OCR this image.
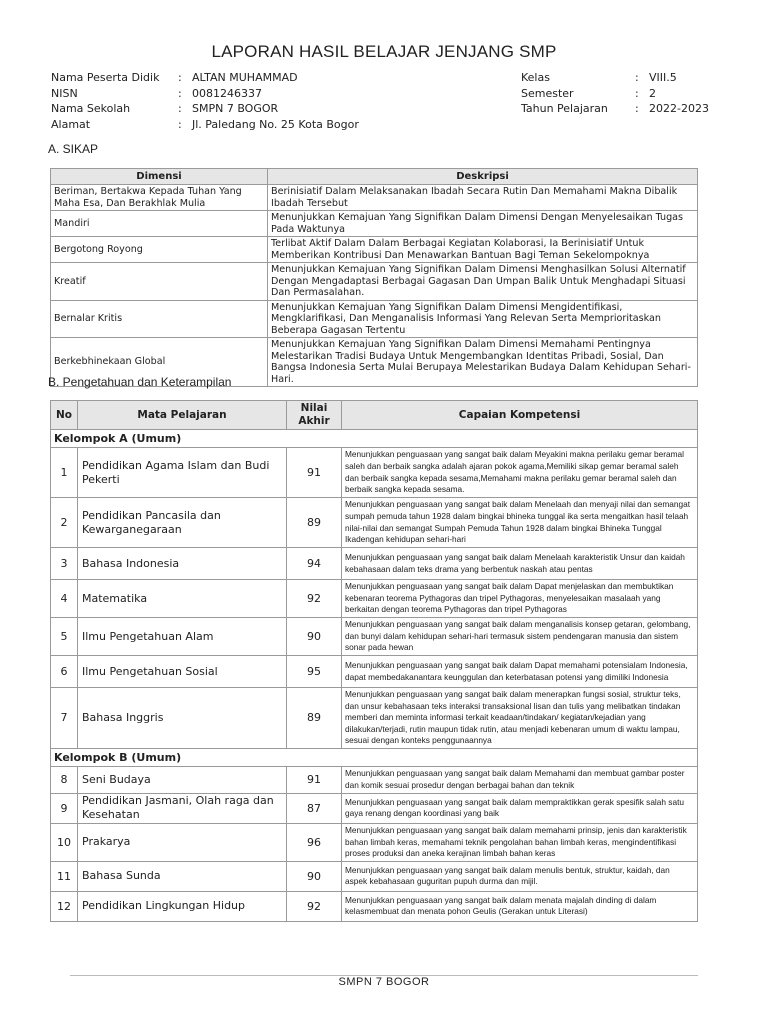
LAPORAN HASIL BELAJAR JENJANG SMP
Nama Peserta Didik	: ALTAN MUHAMMAD
NISN	: 0081246337
Nama Sekolah	: SMPN 7 BOGOR
Alamat	: Jl. Paledang No. 25 Kota Bogor
Kelas	: VIII.5
Semester	: 2
Tahun Pelajaran	: 2022-2023
A. SIKAP
Dimensi	Deskripsi
Beriman, Bertakwa Kepada Tuhan Yang Maha Esa, Dan Berakhlak Mulia	Berinisiatif Dalam Melaksanakan Ibadah Secara Rutin Dan Memahami Makna Dibalik Ibadah Tersebut
Mandiri	Menunjukkan Kemajuan Yang Signifikan Dalam Dimensi Dengan Menyelesaikan Tugas Pada Waktunya
Bergotong Royong	Terlibat Aktif Dalam Dalam Berbagai Kegiatan Kolaborasi, Ia Berinisiatif Untuk Memberikan Kontribusi Dan Menawarkan Bantuan Bagi Teman Sekelompoknya
Kreatif	Menunjukkan Kemajuan Yang Signifikan Dalam Dimensi Menghasilkan Solusi Alternatif Dengan Mengadaptasi Berbagai Gagasan Dan Umpan Balik Untuk Menghadapi Situasi Dan Permasalahan.
Bernalar Kritis	Menunjukkan Kemajuan Yang Signifikan Dalam Dimensi Mengidentifikasi, Mengklarifikasi, Dan Menganalisis Informasi Yang Relevan Serta Memprioritaskan Beberapa Gagasan Tertentu
Berkebhinekaan Global	Menunjukkan Kemajuan Yang Signifikan Dalam Dimensi Memahami Pentingnya Melestarikan Tradisi Budaya Untuk Mengembangkan Identitas Pribadi, Sosial, Dan Bangsa Indonesia Serta Mulai Berupaya Melestarikan Budaya Dalam Kehidupan Sehari-Hari.
B. Pengetahuan dan Keterampilan
No	Mata Pelajaran	Nilai Akhir	Capaian Kompetensi
Kelompok A (Umum)			
1	Pendidikan Agama Islam dan Budi Pekerti	91	Menunjukkan penguasaan yang sangat baik dalam Meyakini makna perilaku gemar beramal saleh dan berbaik sangka adalah ajaran pokok agama,Memiliki sikap gemar beramal saleh dan berbaik sangka kepada sesama,Memahami makna perilaku gemar beramal saleh dan berbaik sangka kepada sesama.
2	Pendidikan Pancasila dan Kewarganegaraan	89	Menunjukkan penguasaan yang sangat baik dalam Menelaah dan menyaji nilai dan semangat sumpah pemuda tahun 1928 dalam bingkai bhineka tunggal ika serta mengaitkan hasil telaah nilai-nilai dan semangat Sumpah Pemuda Tahun 1928 dalam bingkai Bhineka Tunggal Ikadengan kehidupan sehari-hari
3	Bahasa Indonesia	94	Menunjukkan penguasaan yang sangat baik dalam Menelaah karakteristik Unsur dan kaidah kebahasaan dalam teks drama yang berbentuk naskah atau pentas
4	Matematika	92	Menunjukkan penguasaan yang sangat baik dalam Dapat menjelaskan dan membuktikan kebenaran teorema Pythagoras dan tripel Pythagoras, menyelesaikan masalaah yang berkaitan dengan teorema Pythagoras dan tripel Pythagoras
5	Ilmu Pengetahuan Alam	90	Menunjukkan penguasaan yang sangat baik dalam menganalisis konsep getaran, gelombang, dan bunyi dalam kehidupan sehari-hari termasuk sistem pendengaran manusia dan sistem sonar pada hewan
6	Ilmu Pengetahuan Sosial	95	Menunjukkan penguasaan yang sangat baik dalam Dapat memahami potensialam Indonesia, dapat membedakanantara keunggulan dan keterbatasan potensi yang dimiliki Indonesia
7	Bahasa Inggris	89	Menunjukkan penguasaan yang sangat baik dalam menerapkan fungsi sosial, struktur teks, dan unsur kebahasaan teks interaksi transaksional lisan dan tulis yang melibatkan tindakan memberi dan meminta informasi terkait keadaan/tindakan/ kegiatan/kejadian yang dilakukan/terjadi, rutin maupun tidak rutin, atau menjadi kebenaran umum di waktu lampau, sesuai dengan konteks penggunaannya
Kelompok B (Umum)			
8	Seni Budaya	91	Menunjukkan penguasaan yang sangat baik dalam Memahami dan membuat gambar poster dan komik sesuai prosedur dengan berbagai bahan dan teknik
9	Pendidikan Jasmani, Olah raga dan Kesehatan	87	Menunjukkan penguasaan yang sangat baik dalam mempraktikkan gerak spesifik salah satu gaya renang dengan koordinasi yang baik
10	Prakarya	96	Menunjukkan penguasaan yang sangat baik dalam memahami prinsip, jenis dan karakteristik bahan limbah keras, memahami teknik pengolahan bahan limbah keras, mengindentifikasi proses produksi dan aneka kerajinan limbah bahan keras
11	Bahasa Sunda	90	Menunjukkan penguasaan yang sangat baik dalam menulis bentuk, struktur, kaidah, dan aspek kebahasaan guguritan pupuh durma dan mijil.
12	Pendidikan Lingkungan Hidup	92	Menunjukkan penguasaan yang sangat baik dalam menata majalah dinding di dalam kelasmembuat dan menata pohon Geulis (Gerakan untuk Literasi)
SMPN 7 BOGOR
